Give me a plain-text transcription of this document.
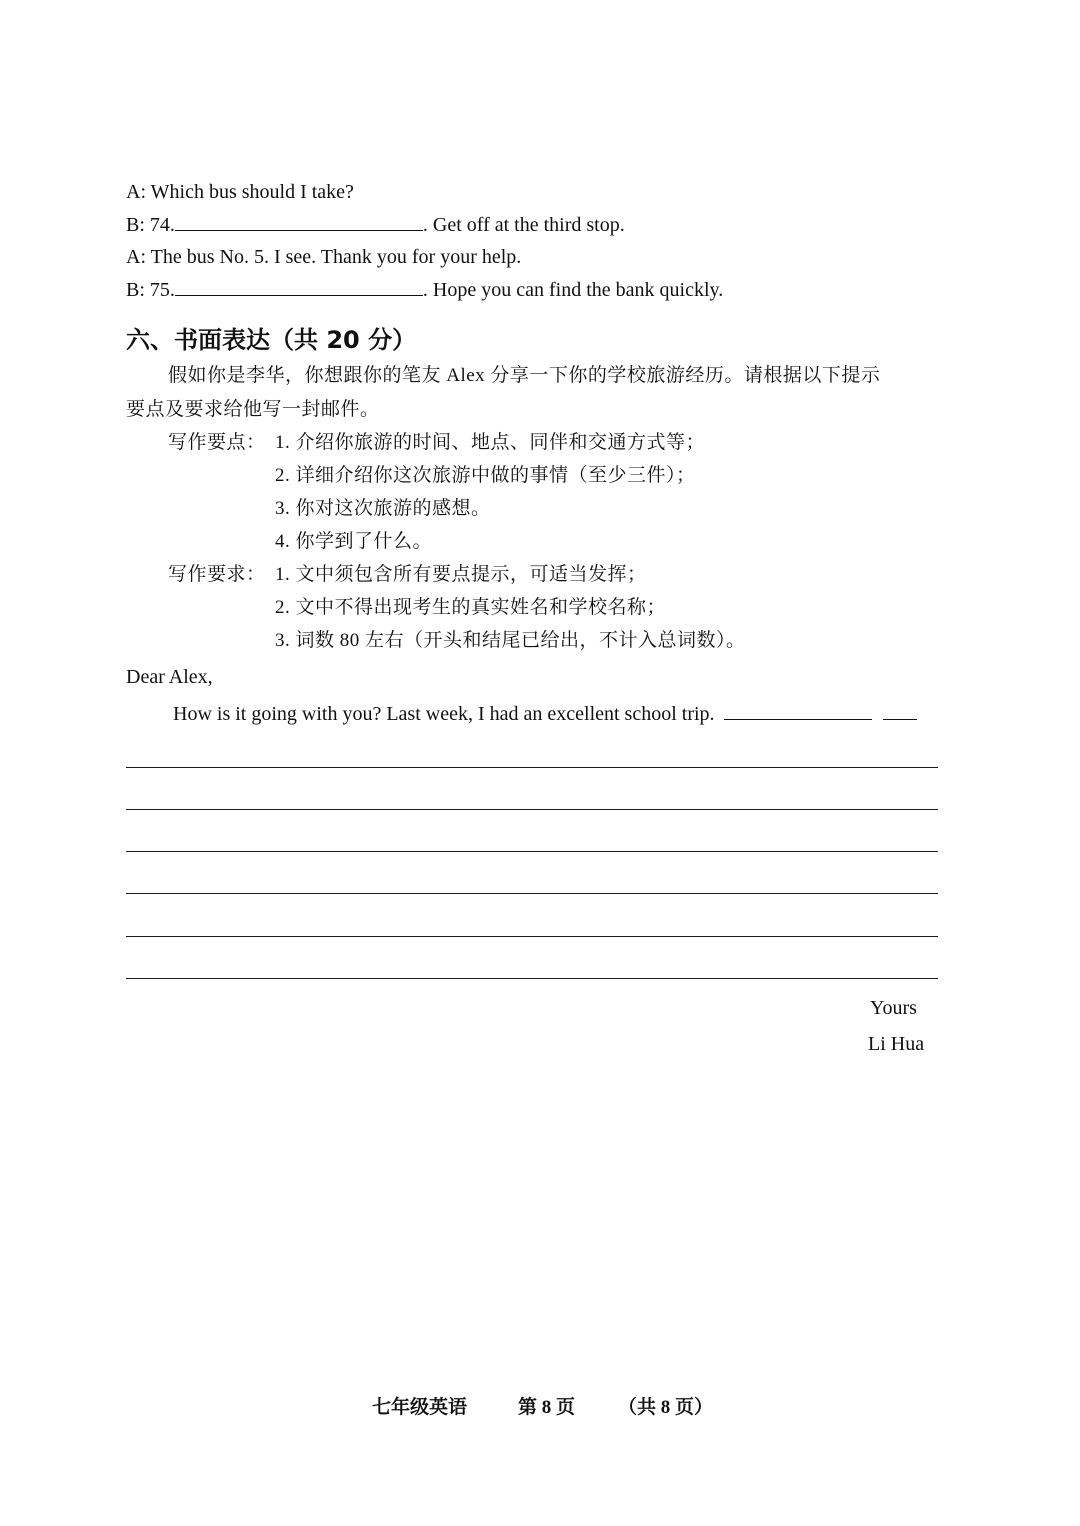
A: Which bus should I take?
B: 74.	. Get off at the third stop.
A: The bus No. 5. I see. Thank you for your help.
B: 75.	. Hope you can find the bank quickly.
六、书面表达（共 20 分）
假如你是李华，你想跟你的笔友 Alex 分享一下你的学校旅游经历。请根据以下提示
要点及要求给他写一封邮件。
写作要点： 1. 介绍你旅游的时间、地点、同伴和交通方式等；
2. 详细介绍你这次旅游中做的事情（至少三件）；
3. 你对这次旅游的感想。
4. 你学到了什么。
写作要求： 1. 文中须包含所有要点提示，可适当发挥；
2. 文中不得出现考生的真实姓名和学校名称；
3. 词数 80 左右（开头和结尾已给出，不计入总词数）。
Dear Alex,
How is it going with you? Last week, I had an excellent school trip.
Yours
Li Hua
七年级英语	第 8 页 （共 8 页）
